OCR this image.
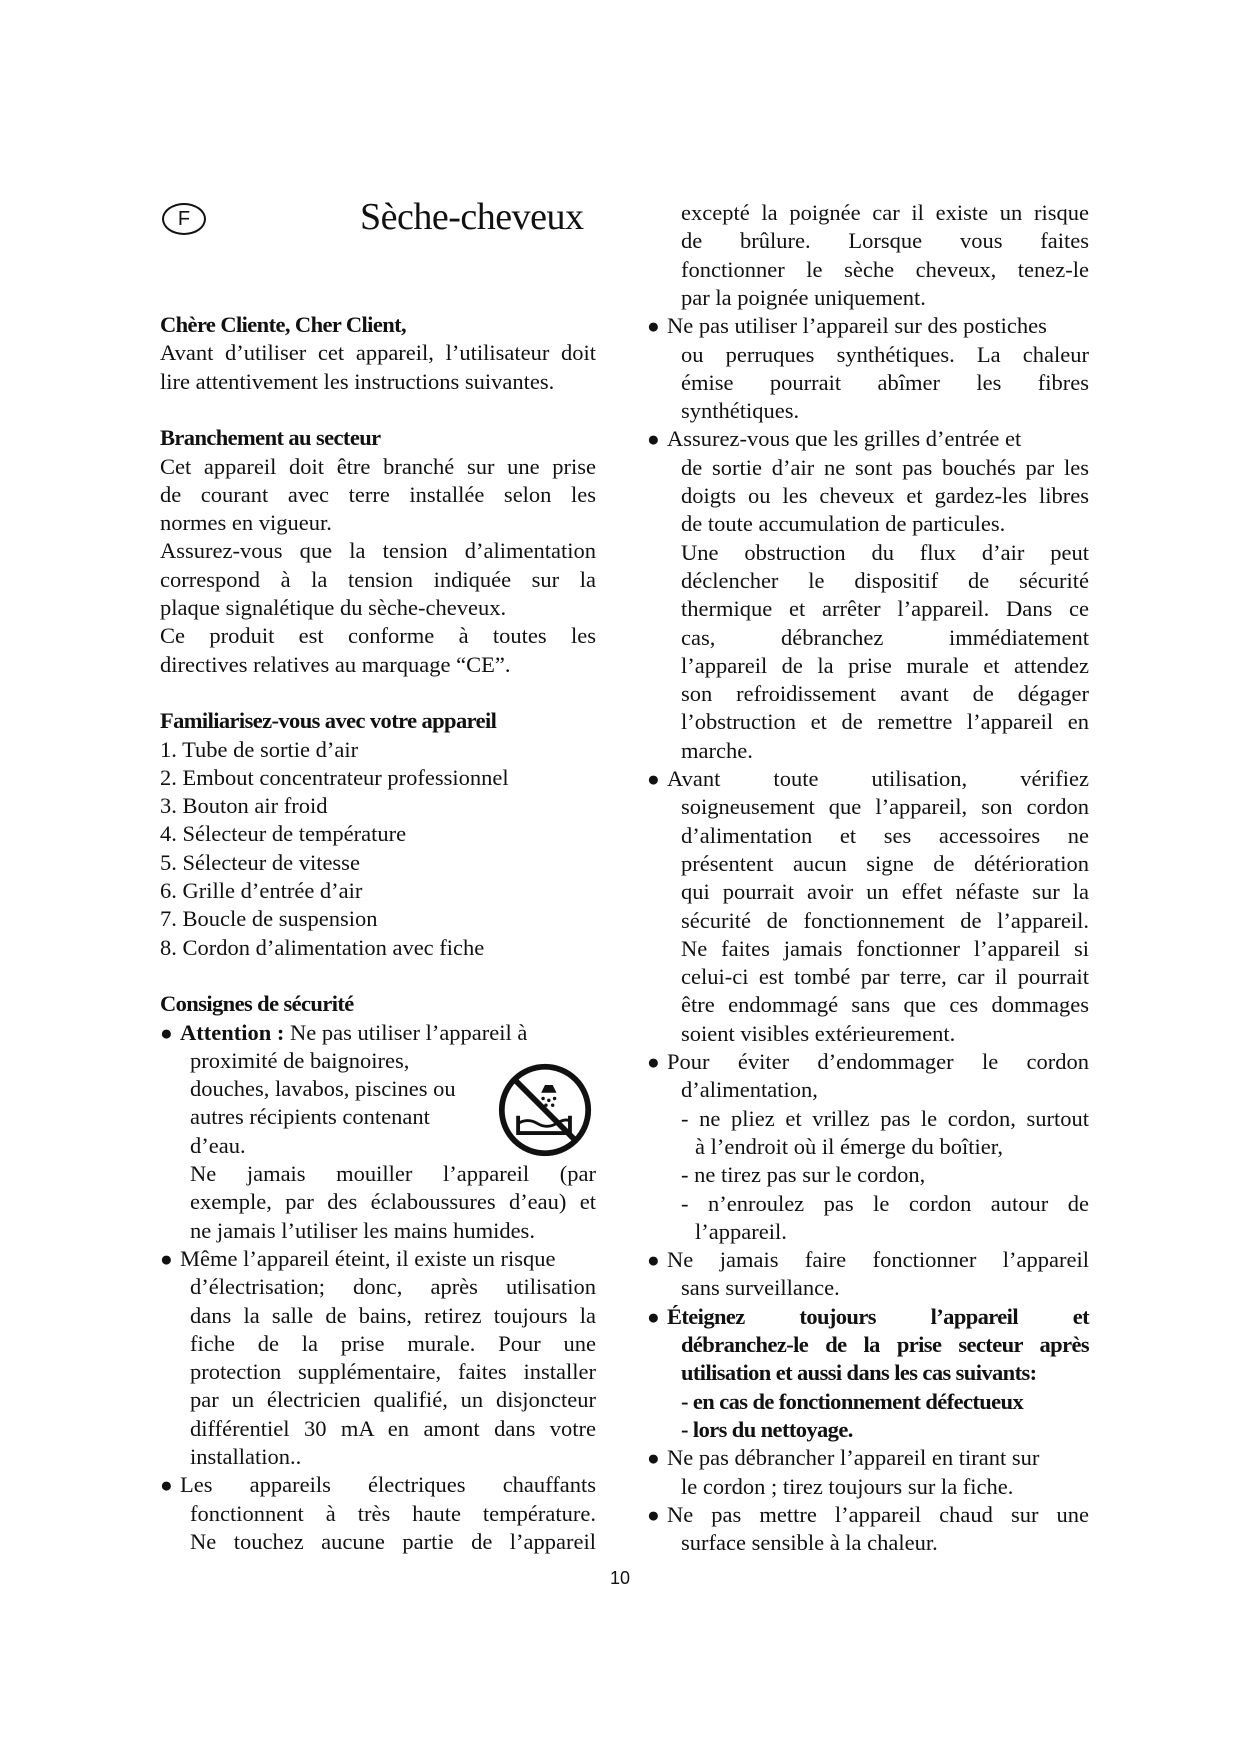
F	Sèche-cheveux
Chère Cliente, Cher Client,
Avant d’utiliser cet appareil, l’utilisateur doit
lire attentivement les instructions suivantes.
Branchement au secteur
Cet appareil doit être branché sur une prise
de courant avec terre installée selon les
normes en vigueur.
Assurez-vous que la tension d’alimentation
correspond à la tension indiquée sur la
plaque signalétique du sèche-cheveux.
Ce produit est conforme à toutes les
directives relatives au marquage “CE”.
Familiarisez-vous avec votre appareil
1. Tube de sortie d’air
2. Embout concentrateur professionnel
3. Bouton air froid
4. Sélecteur de température
5. Sélecteur de vitesse
6. Grille d’entrée d’air
7. Boucle de suspension
8. Cordon d’alimentation avec fiche
Consignes de sécurité
● Attention : Ne pas utiliser l’appareil à
proximité de baignoires,
douches, lavabos, piscines ou
autres récipients contenant
d’eau.
Ne jamais mouiller l’appareil (par
exemple, par des éclaboussures d’eau) et
ne jamais l’utiliser les mains humides.
● Même l’appareil éteint, il existe un risque
d’électrisation; donc, après utilisation
dans la salle de bains, retirez toujours la
fiche de la prise murale. Pour une
protection supplémentaire, faites installer
par un électricien qualifié, un disjoncteur
différentiel 30 mA en amont dans votre
installation..
● Les appareils électriques chauffants
fonctionnent à très haute température.
Ne touchez aucune partie de l’appareil
excepté la poignée car il existe un risque
de brûlure. Lorsque vous faites
fonctionner le sèche cheveux, tenez-le
par la poignée uniquement.
● Ne pas utiliser l’appareil sur des postiches
ou perruques synthétiques. La chaleur
émise pourrait abîmer les fibres
synthétiques.
● Assurez-vous que les grilles d’entrée et
de sortie d’air ne sont pas bouchés par les
doigts ou les cheveux et gardez-les libres
de toute accumulation de particules.
Une obstruction du flux d’air peut
déclencher le dispositif de sécurité
thermique et arrêter l’appareil. Dans ce
cas, débranchez immédiatement
l’appareil de la prise murale et attendez
son refroidissement avant de dégager
l’obstruction et de remettre l’appareil en
marche.
● Avant toute utilisation, vérifiez
soigneusement que l’appareil, son cordon
d’alimentation et ses accessoires ne
présentent aucun signe de détérioration
qui pourrait avoir un effet néfaste sur la
sécurité de fonctionnement de l’appareil.
Ne faites jamais fonctionner l’appareil si
celui-ci est tombé par terre, car il pourrait
être endommagé sans que ces dommages
soient visibles extérieurement.
● Pour éviter d’endommager le cordon
d’alimentation,
- ne pliez et vrillez pas le cordon, surtout
à l’endroit où il émerge du boîtier,
- ne tirez pas sur le cordon,
- n’enroulez pas le cordon autour de
l’appareil.
● Ne jamais faire fonctionner l’appareil
sans surveillance.
● Éteignez toujours l’appareil et
débranchez-le de la prise secteur après
utilisation et aussi dans les cas suivants:
- en cas de fonctionnement défectueux
- lors du nettoyage.
● Ne pas débrancher l’appareil en tirant sur
le cordon ; tirez toujours sur la fiche.
● Ne pas mettre l’appareil chaud sur une
surface sensible à la chaleur.
10
